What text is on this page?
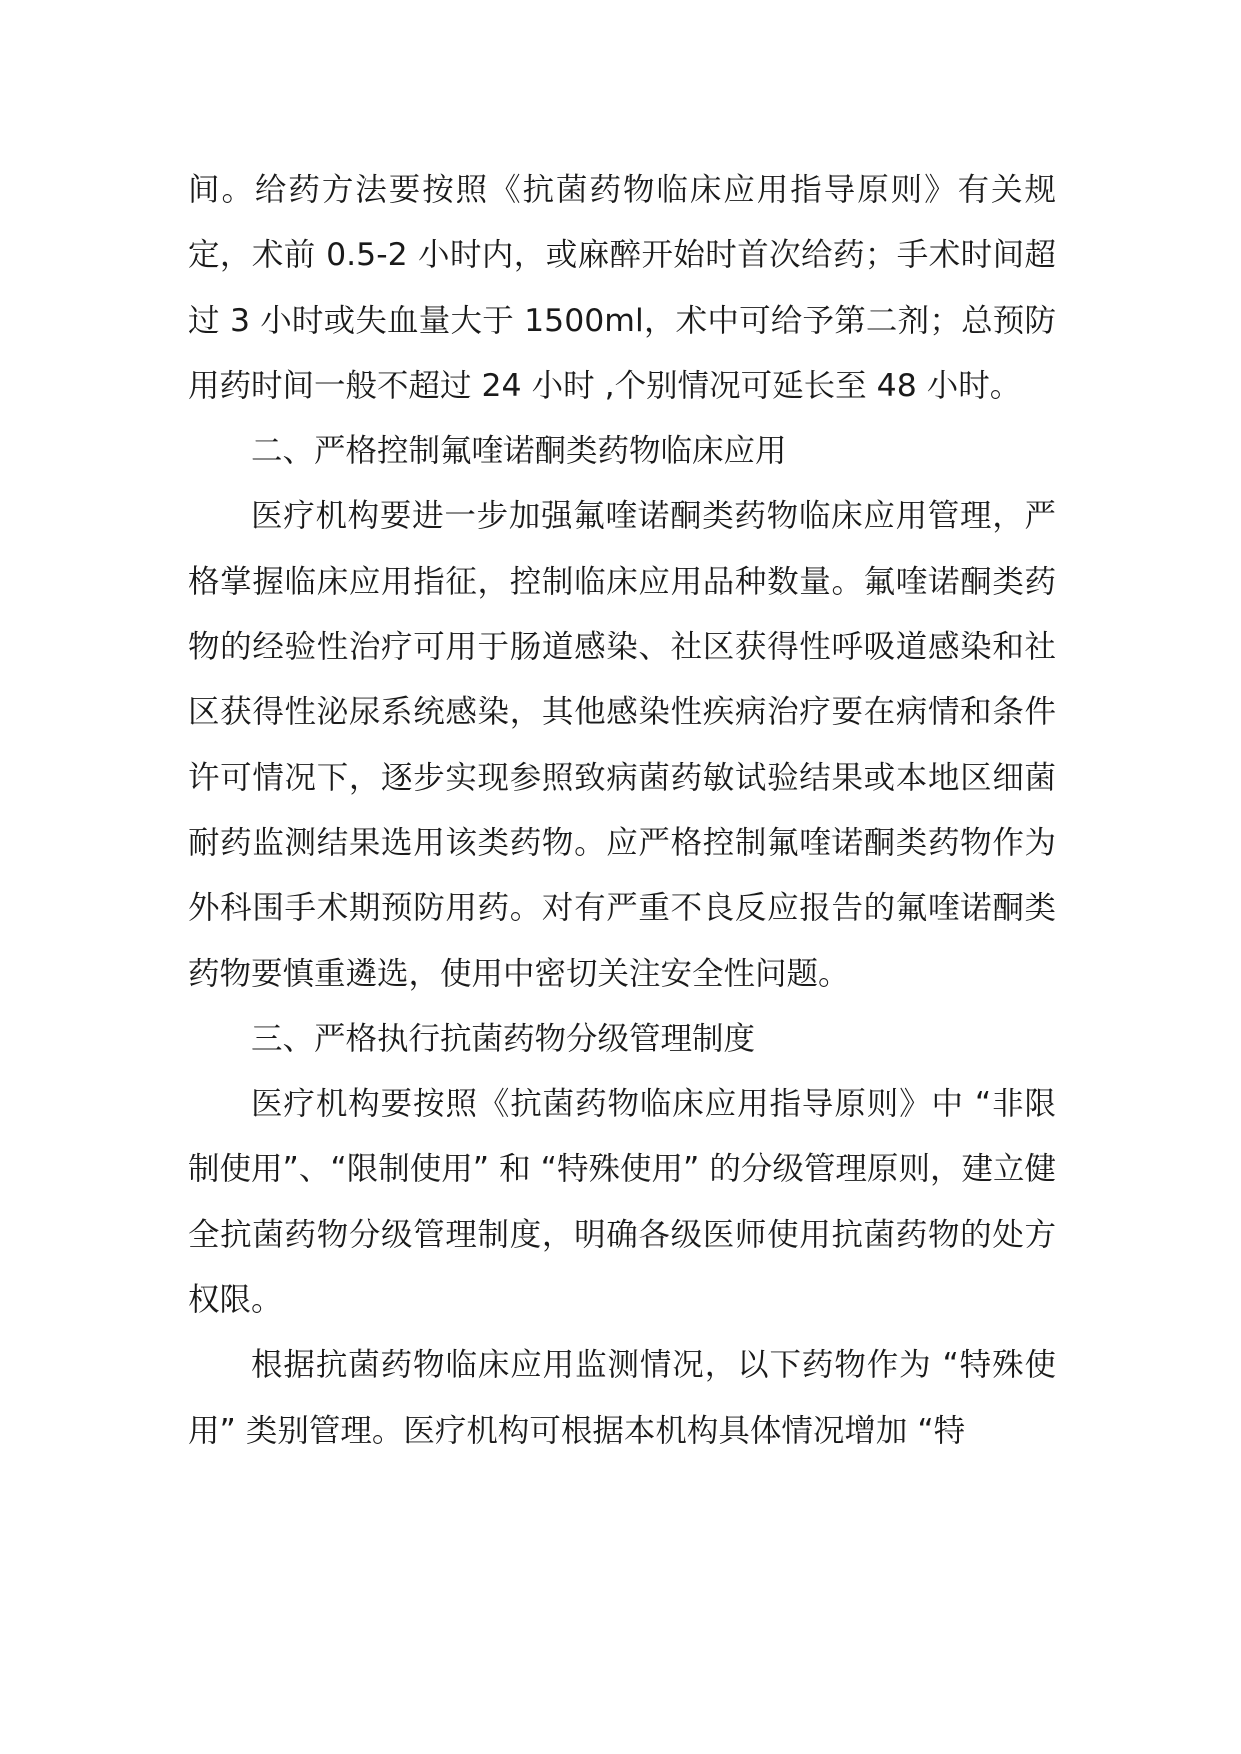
间。给药方法要按照《抗菌药物临床应用指导原则》有关规定，术前 0.5-2 小时内，或麻醉开始时首次给药；手术时间超过 3 小时或失血量大于 1500ml，术中可给予第二剂；总预防用药时间一般不超过 24 小时 ,个别情况可延长至 48 小时。

二、严格控制氟喹诺酮类药物临床应用

医疗机构要进一步加强氟喹诺酮类药物临床应用管理，严格掌握临床应用指征，控制临床应用品种数量。氟喹诺酮类药物的经验性治疗可用于肠道感染、社区获得性呼吸道感染和社区获得性泌尿系统感染，其他感染性疾病治疗要在病情和条件许可情况下，逐步实现参照致病菌药敏试验结果或本地区细菌耐药监测结果选用该类药物。应严格控制氟喹诺酮类药物作为外科围手术期预防用药。对有严重不良反应报告的氟喹诺酮类药物要慎重遴选，使用中密切关注安全性问题。

三、严格执行抗菌药物分级管理制度

医疗机构要按照《抗菌药物临床应用指导原则》中 “非限制使用”、“限制使用” 和 “特殊使用” 的分级管理原则，建立健全抗菌药物分级管理制度，明确各级医师使用抗菌药物的处方权限。

根据抗菌药物临床应用监测情况，以下药物作为 “特殊使用” 类别管理。医疗机构可根据本机构具体情况增加 “特
